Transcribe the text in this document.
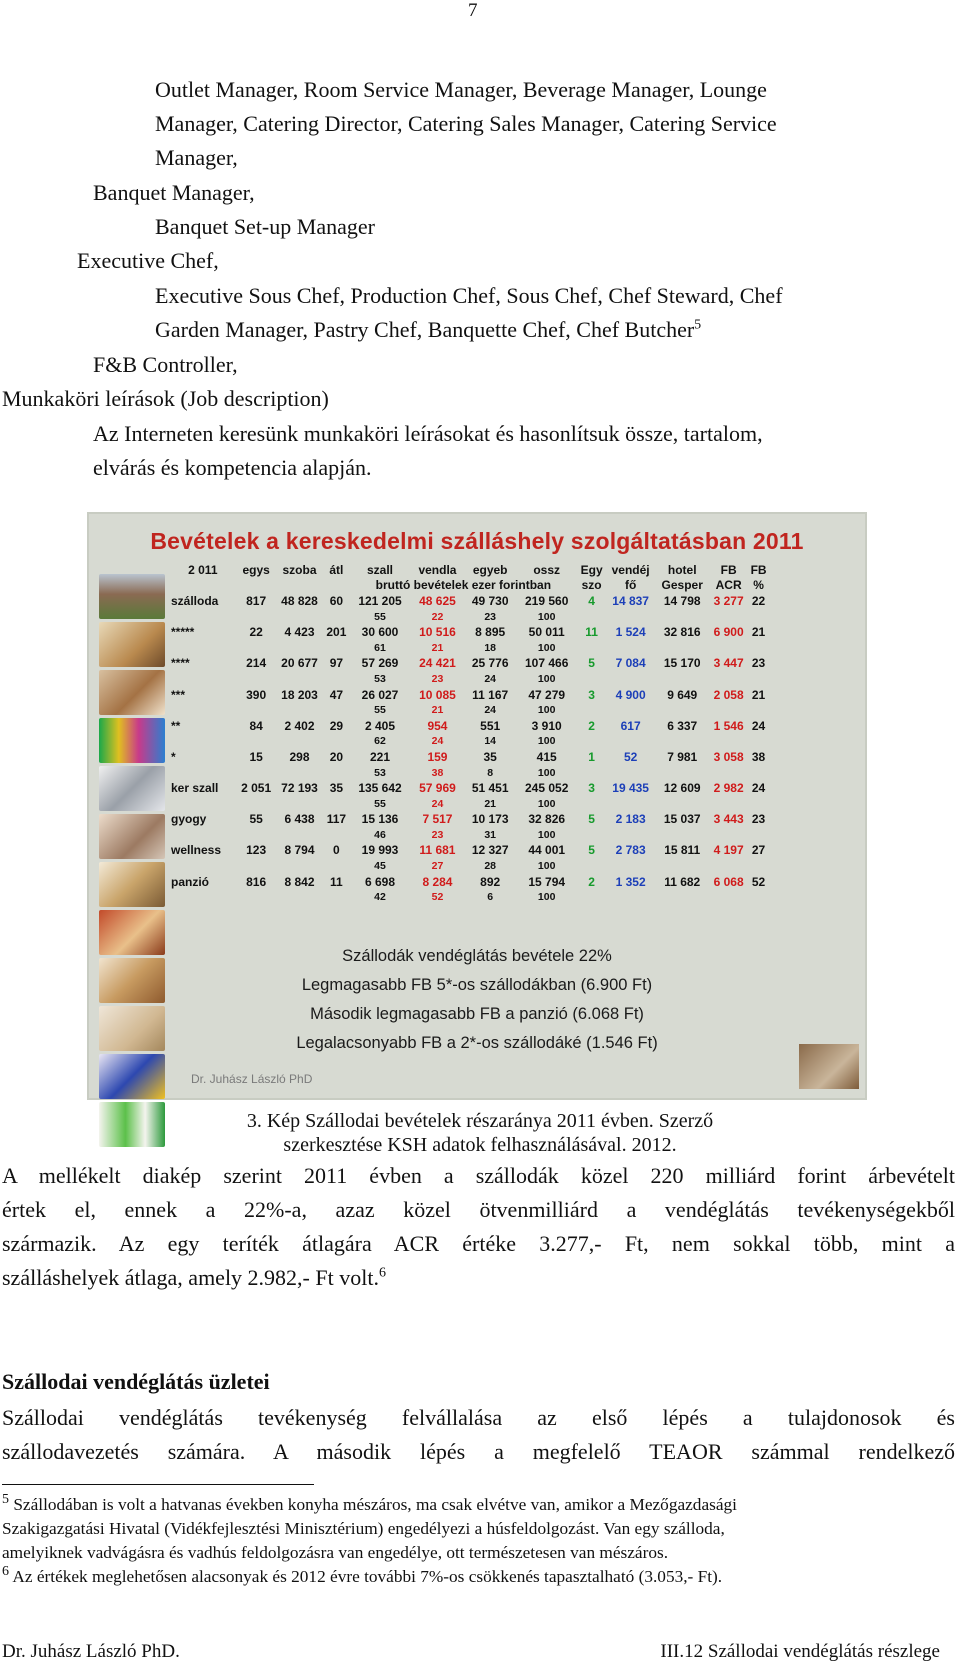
7
Outlet Manager, Room Service Manager, Beverage Manager, Lounge
Manager, Catering Director, Catering Sales Manager, Catering Service
Manager,
Banquet Manager,
Banquet Set-up Manager
Executive Chef,
Executive Sous Chef, Production Chef, Sous Chef, Chef Steward, Chef
Garden Manager, Pastry Chef, Banquette Chef, Chef Butcher$^5$
F&B Controller,
Munkaköri leírások (Job description)
Az Interneten keresünk munkaköri leírásokat és hasonlítsuk össze, tartalom,
elvárás és kompetencia alapján.
Bevételek a kereskedelmi szálláshely szolgáltatásban 2011
2 011	egys	szoba	átl	szall	vendla	egyeb	ossz	Egy	vendéj	hotel	FB	FB
				bruttó bevételek ezer forintban				szo	fő	Gesper	ACR	%
szálloda	817	48 828	60	121 205	48 625	49 730	219 560	4	14 837	14 798	3 277	22
				55	22	23	100					
*****	22	4 423	201	30 600	10 516	8 895	50 011	11	1 524	32 816	6 900	21
				61	21	18	100					
****	214	20 677	97	57 269	24 421	25 776	107 466	5	7 084	15 170	3 447	23
				53	23	24	100					
***	390	18 203	47	26 027	10 085	11 167	47 279	3	4 900	9 649	2 058	21
				55	21	24	100					
**	84	2 402	29	2 405	954	551	3 910	2	617	6 337	1 546	24
				62	24	14	100					
*	15	298	20	221	159	35	415	1	52	7 981	3 058	38
				53	38	8	100					
ker szall	2 051	72 193	35	135 642	57 969	51 451	245 052	3	19 435	12 609	2 982	24
				55	24	21	100					
gyogy	55	6 438	117	15 136	7 517	10 173	32 826	5	2 183	15 037	3 443	23
				46	23	31	100					
wellness	123	8 794	0	19 993	11 681	12 327	44 001	5	2 783	15 811	4 197	27
				45	27	28	100					
panzió	816	8 842	11	6 698	8 284	892	15 794	2	1 352	11 682	6 068	52
				42	52	6	100					
Szállodák vendéglátás bevétele 22%
Legmagasabb FB 5*-os szállodákban (6.900 Ft)
Második legmagasabb FB a panzió (6.068 Ft)
Legalacsonyabb FB a 2*-os szállodáké (1.546 Ft)
Dr. Juhász László PhD
3. Kép Szállodai bevételek részaránya 2011 évben. Szerző szerkesztése KSH adatok felhasználásával. 2012.
A mellékelt diakép szerint 2011 évben a szállodák közel 220 milliárd forint árbevételt
értek el, ennek a 22%-a, azaz közel ötvenmilliárd a vendéglátás tevékenységekből
származik. Az egy teríték átlagára ACR értéke 3.277,- Ft, nem sokkal több, mint a
szálláshelyek átlaga, amely 2.982,- Ft volt.$^6$
Szállodai vendéglátás üzletei
Szállodai vendéglátás tevékenység felvállalása az első lépés a tulajdonosok és
szállodavezetés számára. A második lépés a megfelelő TEAOR számmal rendelkező
$^5$ Szállodában is volt a hatvanas években konyha mészáros, ma csak elvétve van, amikor a Mezőgazdasági
Szakigazgatási Hivatal (Vidékfejlesztési Minisztérium) engedélyezi a húsfeldolgozást. Van egy szálloda,
amelyiknek vadvágásra és vadhús feldolgozásra van engedélye, ott természetesen van mészáros.
$^6$ Az értékek meglehetősen alacsonyak és 2012 évre további 7%-os csökkenés tapasztalható (3.053,- Ft).
Dr. Juhász László PhD.	III.12 Szállodai vendéglátás részlege
